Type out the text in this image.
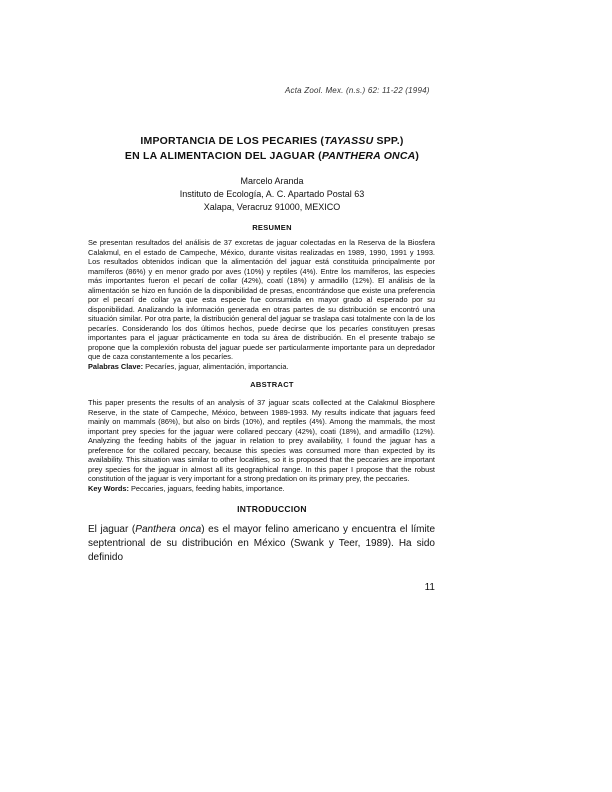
Acta Zool. Mex. (n.s.) 62: 11-22 (1994)
IMPORTANCIA DE LOS PECARIES (TAYASSU SPP.)
EN LA ALIMENTACION DEL JAGUAR (PANTHERA ONCA)
Marcelo Aranda
Instituto de Ecología, A. C. Apartado Postal 63
Xalapa, Veracruz 91000, MEXICO
RESUMEN
Se presentan resultados del análisis de 37 excretas de jaguar colectadas en la Reserva de la Biosfera Calakmul, en el estado de Campeche, México, durante visitas realizadas en 1989, 1990, 1991 y 1993. Los resultados obtenidos indican que la alimentación del jaguar está constituida principalmente por mamíferos (86%) y en menor grado por aves (10%) y reptiles (4%). Entre los mamíferos, las especies más importantes fueron el pecarí de collar (42%), coatí (18%) y armadillo (12%). El análisis de la alimentación se hizo en función de la disponibilidad de presas, encontrándose que existe una preferencia por el pecarí de collar ya que esta especie fue consumida en mayor grado al esperado por su disponibilidad. Analizando la información generada en otras partes de su distribución se encontró una situación similar. Por otra parte, la distribución general del jaguar se traslapa casi totalmente con la de los pecaríes. Considerando los dos últimos hechos, puede decirse que los pecaríes constituyen presas importantes para el jaguar prácticamente en toda su área de distribución. En el presente trabajo se propone que la complexión robusta del jaguar puede ser particularmente importante para un depredador que de caza constantemente a los pecaríes.
Palabras Clave: Pecaríes, jaguar, alimentación, importancia.
ABSTRACT
This paper presents the results of an analysis of 37 jaguar scats collected at the Calakmul Biosphere Reserve, in the state of Campeche, México, between 1989-1993. My results indicate that jaguars feed mainly on mammals (86%), but also on birds (10%), and reptiles (4%). Among the mammals, the most important prey species for the jaguar were collared peccary (42%), coati (18%), and armadillo (12%). Analyzing the feeding habits of the jaguar in relation to prey availability, I found the jaguar has a preference for the collared peccary, because this species was consumed more than expected by its availability. This situation was similar to other localities, so it is proposed that the peccaries are important prey species for the jaguar in almost all its geographical range. In this paper I propose that the robust constitution of the jaguar is very important for a strong predation on its primary prey, the peccaries.
Key Words: Peccaries, jaguars, feeding habits, importance.
INTRODUCCION
El jaguar (Panthera onca) es el mayor felino americano y encuentra el límite septentrional de su distribución en México (Swank y Teer, 1989). Ha sido definido
11
